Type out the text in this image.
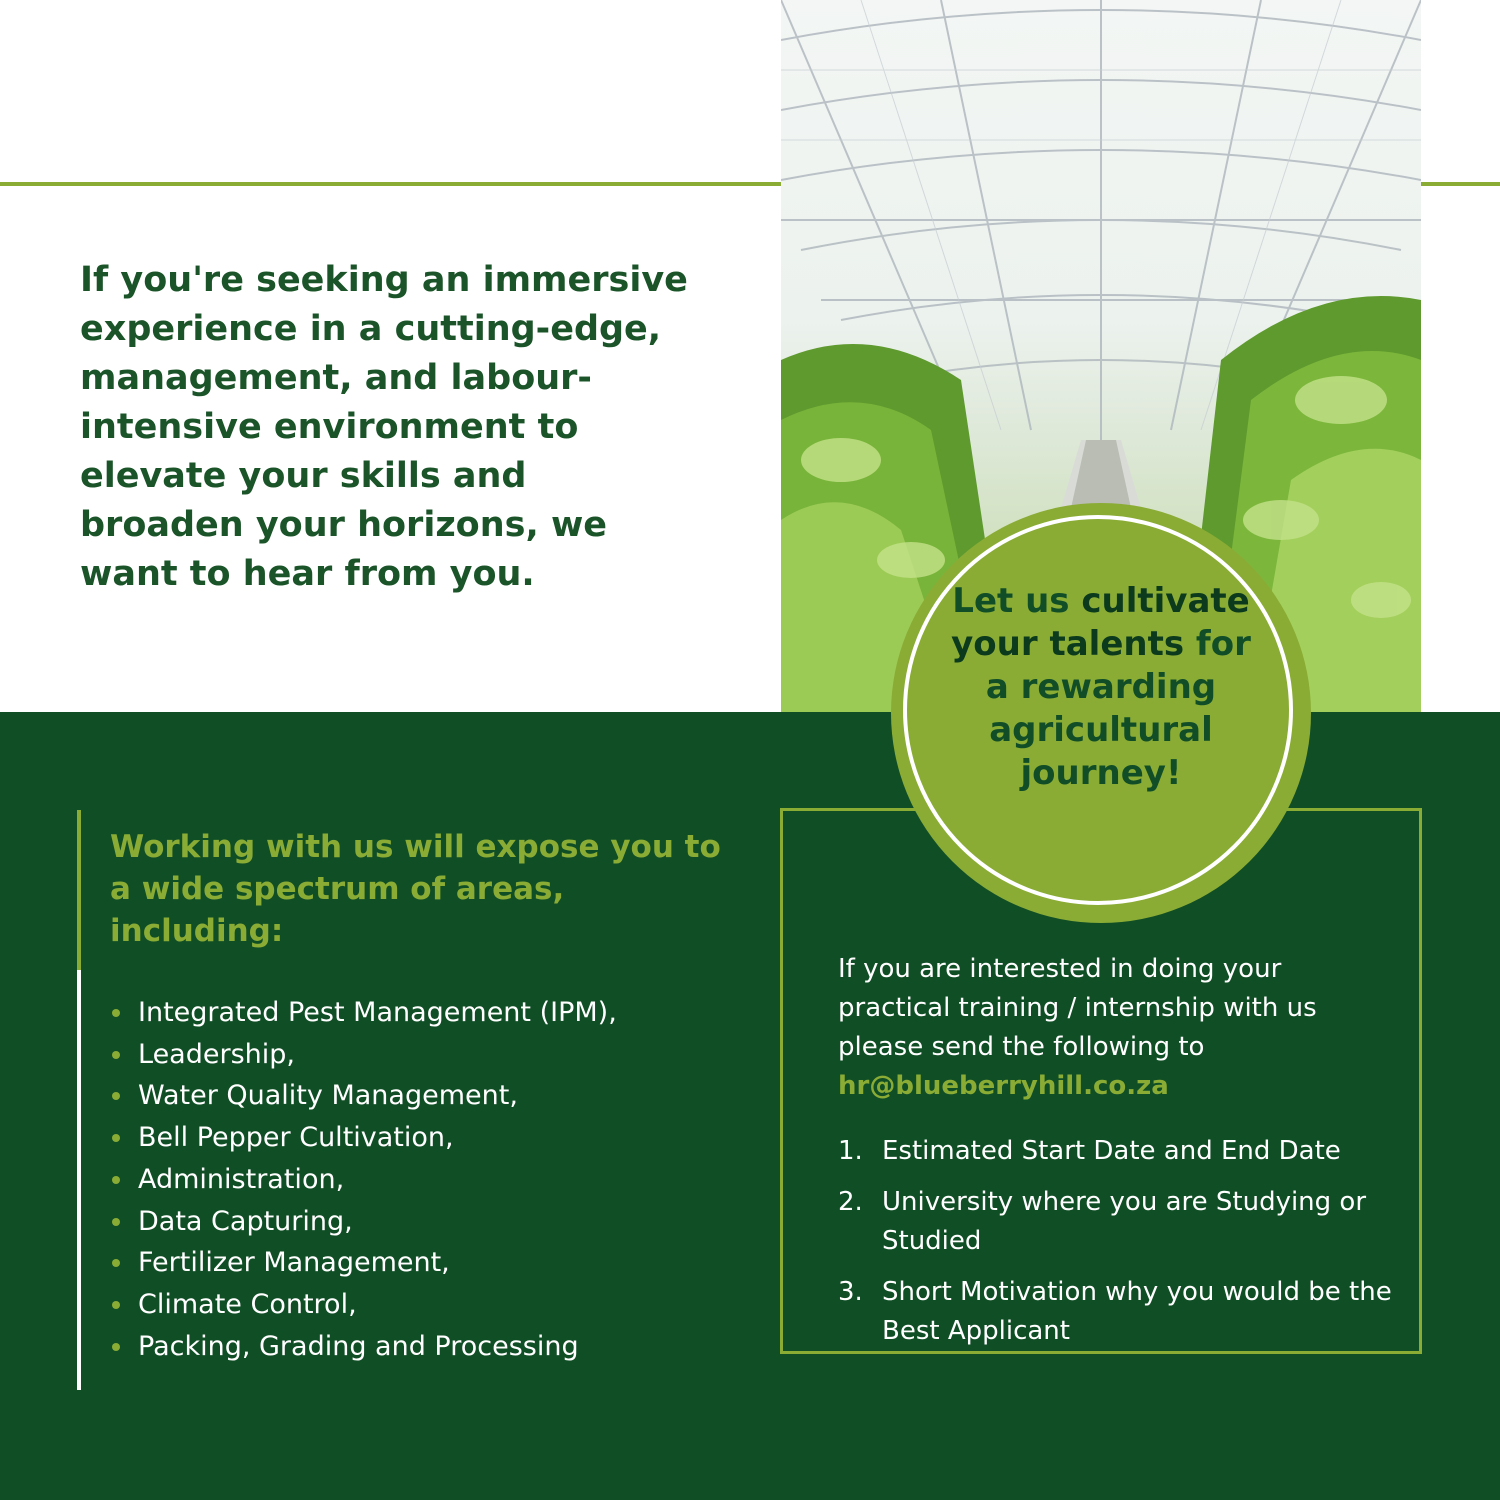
If you're seeking an immersive experience in a cutting-edge, management, and labour-intensive environment to elevate your skills and broaden your horizons, we want to hear from you.

Working with us will expose you to a wide spectrum of areas, including:

Integrated Pest Management (IPM),
Leadership,
Water Quality Management,
Bell Pepper Cultivation,
Administration,
Data Capturing,
Fertilizer Management,
Climate Control,
Packing, Grading and Processing

If you are interested in doing your practical training / internship with us please send the following to

hr@blueberryhill.co.za
1. Estimated Start Date and End Date
2. University where you are Studying or Studied
3. Short Motivation why you would be the Best Applicant

Let us cultivate your talents for a rewarding agricultural journey!
